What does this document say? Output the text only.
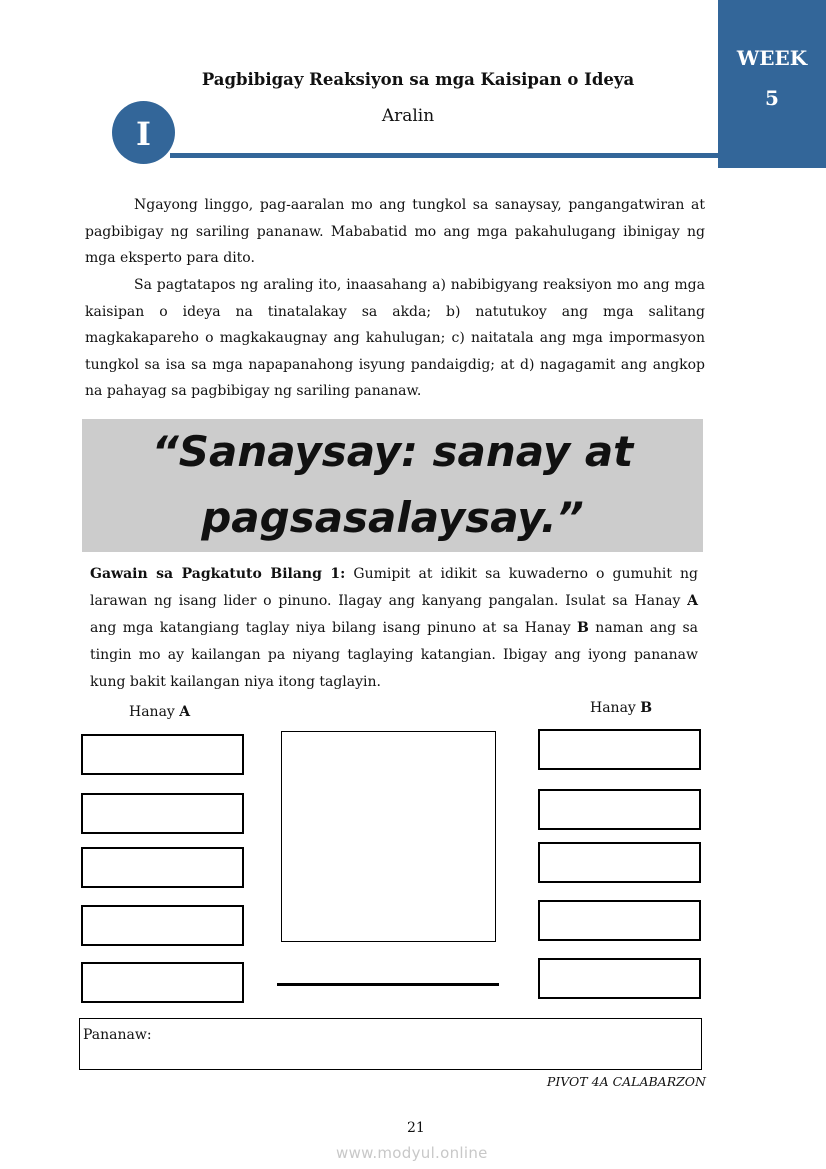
WEEK
5
Pagbibigay Reaksiyon sa mga Kaisipan o Ideya
Aralin
I
Ngayong linggo, pag-aaralan mo ang tungkol sa sanaysay, pangangatwiran at pagbibigay ng sariling pananaw. Mababatid mo ang mga pakahulugang ibinigay ng mga eksperto para dito.
Sa pagtatapos ng araling ito, inaasahang a) nabibigyang reaksiyon mo ang mga kaisipan o ideya na tinatalakay sa akda; b) natutukoy ang mga salitang magkakapareho o magkakaugnay ang kahulugan; c) naitatala ang mga impormasyon tungkol sa isa sa mga napapanahong isyung pandaigdig; at d) nagagamit ang angkop na pahayag sa pagbibigay ng sariling pananaw.
“Sanaysay: sanay at
pagsasalaysay.”
Gawain sa Pagkatuto Bilang 1: Gumipit at idikit sa kuwaderno o gumuhit ng larawan ng isang lider o pinuno. Ilagay ang kanyang pangalan. Isulat sa Hanay A ang mga katangiang taglay niya bilang isang pinuno at sa Hanay B naman ang sa tingin mo ay kailangan pa niyang taglaying katangian. Ibigay ang iyong pananaw kung bakit kailangan niya itong taglayin.
Hanay A	Hanay B
Pananaw:
PIVOT 4A CALABARZON
21
www.modyul.online
